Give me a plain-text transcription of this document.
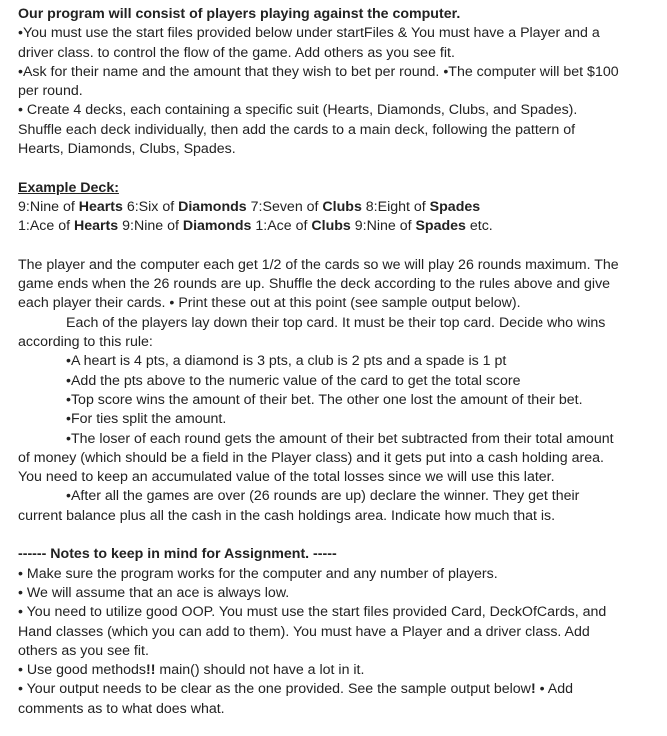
Our program will consist of players playing against the computer.
•You must use the start files provided below under startFiles & You must have a Player and a
driver class. to control the flow of the game. Add others as you see fit.
•Ask for their name and the amount that they wish to bet per round. •The computer will bet $100
per round.
• Create 4 decks, each containing a specific suit (Hearts, Diamonds, Clubs, and Spades).
Shuffle each deck individually, then add the cards to a main deck, following the pattern of
Hearts, Diamonds, Clubs, Spades.
Example Deck:
9:Nine of Hearts 6:Six of Diamonds 7:Seven of Clubs 8:Eight of Spades
1:Ace of Hearts 9:Nine of Diamonds 1:Ace of Clubs 9:Nine of Spades etc.
The player and the computer each get 1/2 of the cards so we will play 26 rounds maximum. The
game ends when the 26 rounds are up. Shuffle the deck according to the rules above and give
each player their cards. • Print these out at this point (see sample output below).
Each of the players lay down their top card. It must be their top card. Decide who wins
according to this rule:
•A heart is 4 pts, a diamond is 3 pts, a club is 2 pts and a spade is 1 pt
•Add the pts above to the numeric value of the card to get the total score
•Top score wins the amount of their bet. The other one lost the amount of their bet.
•For ties split the amount.
•The loser of each round gets the amount of their bet subtracted from their total amount
of money (which should be a field in the Player class) and it gets put into a cash holding area.
You need to keep an accumulated value of the total losses since we will use this later.
•After all the games are over (26 rounds are up) declare the winner. They get their
current balance plus all the cash in the cash holdings area. Indicate how much that is.
------ Notes to keep in mind for Assignment. -----
• Make sure the program works for the computer and any number of players.
• We will assume that an ace is always low.
• You need to utilize good OOP. You must use the start files provided Card, DeckOfCards, and
Hand classes (which you can add to them). You must have a Player and a driver class. Add
others as you see fit.
• Use good methods!! main() should not have a lot in it.
• Your output needs to be clear as the one provided. See the sample output below! • Add
comments as to what does what.
